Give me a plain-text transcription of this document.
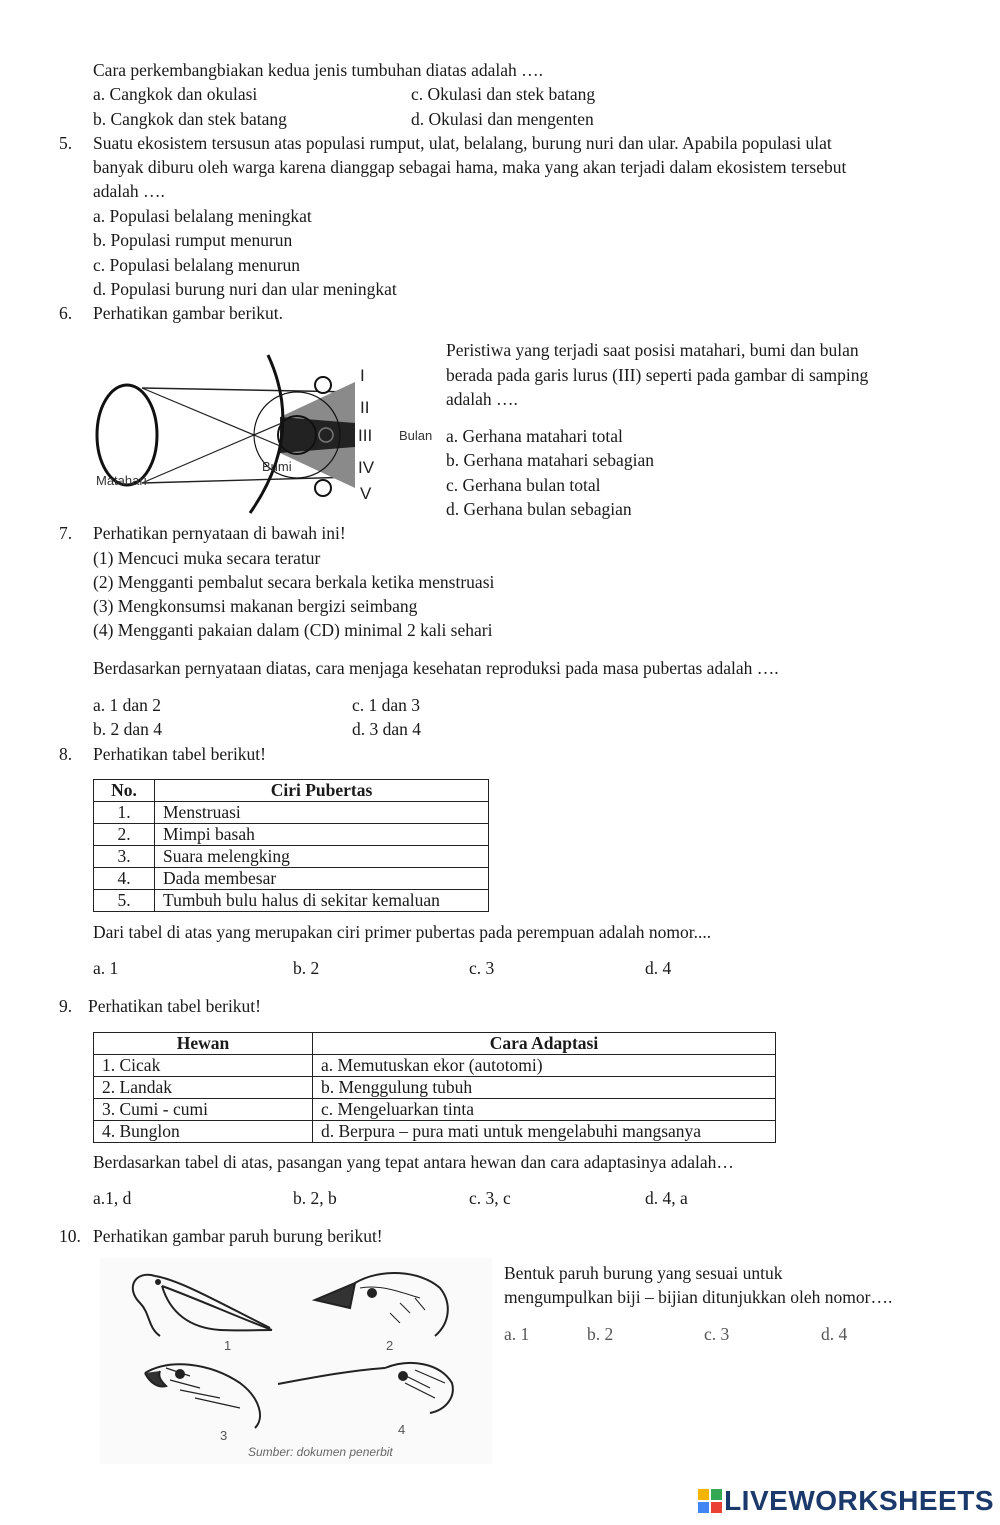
Cara perkembangbiakan kedua jenis tumbuhan diatas adalah ….
a. Cangkok dan okulasi	c. Okulasi dan stek batang
b. Cangkok dan stek batang	d. Okulasi dan mengenten
5. Suatu ekosistem tersusun atas populasi rumput, ulat, belalang, burung nuri dan ular. Apabila populasi ulat
banyak diburu oleh warga karena dianggap sebagai hama, maka yang akan terjadi dalam ekosistem tersebut
adalah ….
a. Populasi belalang meningkat
b. Populasi rumput menurun
c. Populasi belalang menurun
d. Populasi burung nuri dan ular meningkat
6. Perhatikan gambar berikut.
I
II
III
IV
V
Matahari
Bumi
Bulan
Peristiwa yang terjadi saat posisi matahari, bumi dan bulan
berada pada garis lurus (III) seperti pada gambar di samping
adalah ….
a. Gerhana matahari total
b. Gerhana matahari sebagian
c. Gerhana bulan total
d. Gerhana bulan sebagian
7. Perhatikan pernyataan di bawah ini!
(1) Mencuci muka secara teratur
(2) Mengganti pembalut secara berkala ketika menstruasi
(3) Mengkonsumsi makanan bergizi seimbang
(4) Mengganti pakaian dalam (CD) minimal 2 kali sehari
Berdasarkan pernyataan diatas, cara menjaga kesehatan reproduksi pada masa pubertas adalah ….
a. 1 dan 2	c. 1 dan 3
b. 2 dan 4	d. 3 dan 4
8. Perhatikan tabel berikut!
No.	Ciri Pubertas
1.	Menstruasi
2.	Mimpi basah
3.	Suara melengking
4.	Dada membesar
5.	Tumbuh bulu halus di sekitar kemaluan
Dari tabel di atas yang merupakan ciri primer pubertas pada perempuan adalah nomor....
a. 1	b. 2	c. 3	d. 4
9. Perhatikan tabel berikut!
Hewan	Cara Adaptasi
1. Cicak	a. Memutuskan ekor (autotomi)
2. Landak	b. Menggulung tubuh
3. Cumi - cumi	c. Mengeluarkan tinta
4. Bunglon	d. Berpura – pura mati untuk mengelabuhi mangsanya
Berdasarkan tabel di atas, pasangan yang tepat antara hewan dan cara adaptasinya adalah…
a.1, d	b. 2, b	c. 3, c	d. 4, a
10. Perhatikan gambar paruh burung berikut!
1	2
3	4
Sumber: dokumen penerbit
Bentuk paruh burung yang sesuai untuk
mengumpulkan biji – bijian ditunjukkan oleh nomor….
a. 1	b. 2	c. 3	d. 4
LIVEWORKSHEETS
